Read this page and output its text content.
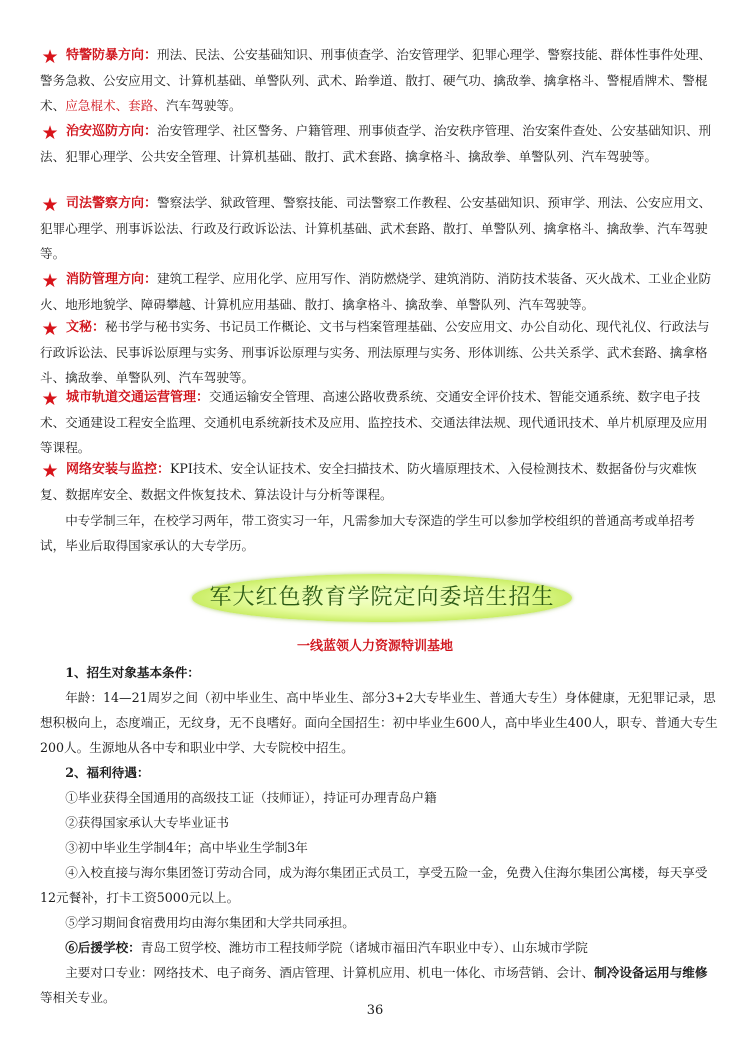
★ 特警防暴方向：刑法、民法、公安基础知识、刑事侦查学、治安管理学、犯罪心理学、警察技能、群体性事件处理、警务急救、公安应用文、计算机基础、单警队列、武术、跆拳道、散打、硬气功、擒敌拳、擒拿格斗、警棍盾牌术、警棍术、应急棍术、套路、汽车驾驶等。
★ 治安巡防方向：治安管理学、社区警务、户籍管理、刑事侦查学、治安秩序管理、治安案件查处、公安基础知识、刑法、犯罪心理学、公共安全管理、计算机基础、散打、武术套路、擒拿格斗、擒敌拳、单警队列、汽车驾驶等。
★ 司法警察方向：警察法学、狱政管理、警察技能、司法警察工作教程、公安基础知识、预审学、刑法、公安应用文、犯罪心理学、刑事诉讼法、行政及行政诉讼法、计算机基础、武术套路、散打、单警队列、擒拿格斗、擒敌拳、汽车驾驶等。
★ 消防管理方向：建筑工程学、应用化学、应用写作、消防燃烧学、建筑消防、消防技术装备、灭火战术、工业企业防火、地形地貌学、障碍攀越、计算机应用基础、散打、擒拿格斗、擒敌拳、单警队列、汽车驾驶等。
★ 文秘：秘书学与秘书实务、书记员工作概论、文书与档案管理基础、公安应用文、办公自动化、现代礼仪、行政法与行政诉讼法、民事诉讼原理与实务、刑事诉讼原理与实务、刑法原理与实务、形体训练、公共关系学、武术套路、擒拿格斗、擒敌拳、单警队列、汽车驾驶等。
★ 城市轨道交通运营管理：交通运输安全管理、高速公路收费系统、交通安全评价技术、智能交通系统、数字电子技术、交通建设工程安全监理、交通机电系统新技术及应用、监控技术、交通法律法规、现代通讯技术、单片机原理及应用等课程。
★ 网络安装与监控：KPI技术、安全认证技术、安全扫描技术、防火墙原理技术、入侵检测技术、数据备份与灾难恢复、数据库安全、数据文件恢复技术、算法设计与分析等课程。
中专学制三年，在校学习两年，带工资实习一年，凡需参加大专深造的学生可以参加学校组织的普通高考或单招考试，毕业后取得国家承认的大专学历。
军大红色教育学院定向委培生招生
一线蓝领人力资源特训基地
1、招生对象基本条件：
年龄：14—21周岁之间（初中毕业生、高中毕业生、部分3+2大专毕业生、普通大专生）身体健康，无犯罪记录，思想积极向上，态度端正，无纹身，无不良嗜好。面向全国招生：初中毕业生600人，高中毕业生400人，职专、普通大专生200人。生源地从各中专和职业中学、大专院校中招生。
2、福利待遇：
①毕业获得全国通用的高级技工证（技师证），持证可办理青岛户籍
②获得国家承认大专毕业证书
③初中毕业生学制4年；高中毕业生学制3年
④入校直接与海尔集团签订劳动合同，成为海尔集团正式员工，享受五险一金，免费入住海尔集团公寓楼，每天享受12元餐补，打卡工资5000元以上。
⑤学习期间食宿费用均由海尔集团和大学共同承担。
⑥后援学校：青岛工贸学校、潍坊市工程技师学院（诸城市福田汽车职业中专）、山东城市学院
主要对口专业：网络技术、电子商务、酒店管理、计算机应用、机电一体化、市场营销、会计、制冷设备运用与维修等相关专业。
36
